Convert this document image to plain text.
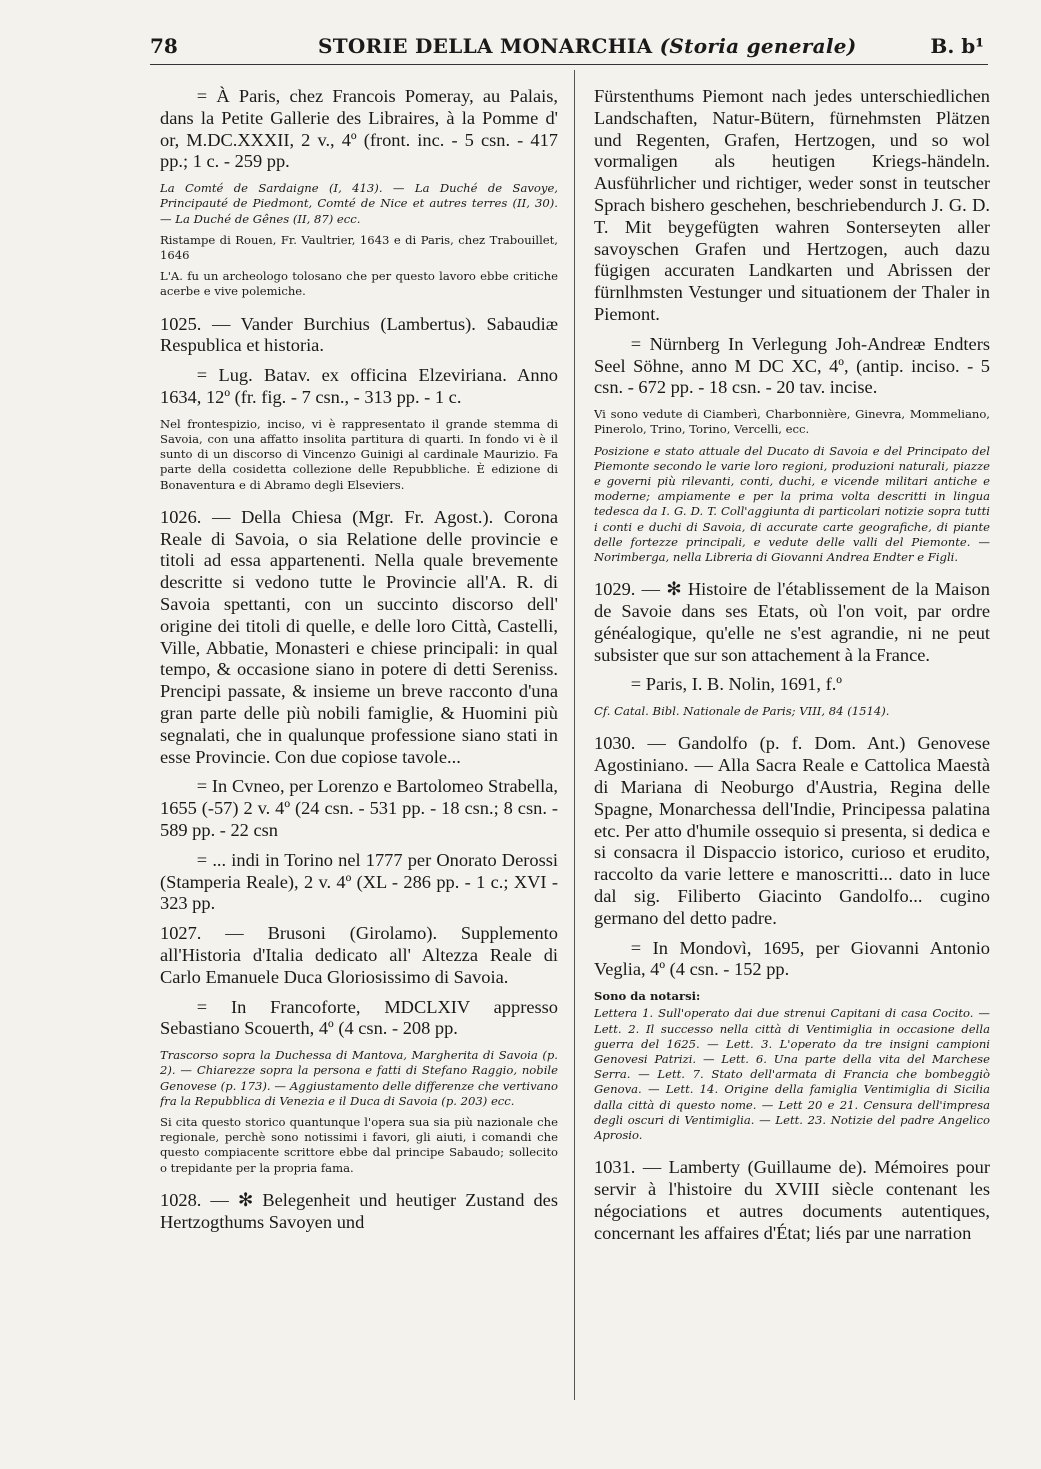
78	STORIE DELLA MONARCHIA (Storia generale)	B. b¹

= À Paris, chez Francois Pomeray, au Palais, dans la Petite Gallerie des Libraires, à la Pomme d' or, M.DC.XXXII, 2 v., 4º (front. inc. - 5 csn. - 417 pp.; 1 c. - 259 pp.

La Comté de Sardaigne (I, 413). — La Duché de Savoye, Principauté de Piedmont, Comté de Nice et autres terres (II, 30). — La Duché de Gênes (II, 87) ecc.

Ristampe di Rouen, Fr. Vaultrier, 1643 e di Paris, chez Trabouillet, 1646

L'A. fu un archeologo tolosano che per questo lavoro ebbe critiche acerbe e vive polemiche.

1025. — Vander Burchius (Lambertus). Sabaudiæ Respublica et historia.

= Lug. Batav. ex officina Elzeviriana. Anno 1634, 12º (fr. fig. - 7 csn., - 313 pp. - 1 c.

Nel frontespizio, inciso, vi è rappresentato il grande stemma di Savoia, con una affatto insolita partitura di quarti. In fondo vi è il sunto di un discorso di Vincenzo Guinigi al cardinale Maurizio. Fa parte della cosidetta collezione delle Repubbliche. È edizione di Bonaventura e di Abramo degli Elseviers.

1026. — Della Chiesa (Mgr. Fr. Agost.). Corona Reale di Savoia, o sia Relatione delle provincie e titoli ad essa appartenenti. Nella quale brevemente descritte si vedono tutte le Provincie all'A. R. di Savoia spettanti, con un succinto discorso dell' origine dei titoli di quelle, e delle loro Città, Castelli, Ville, Abbatie, Monasteri e chiese principali: in qual tempo, & occasione siano in potere di detti Sereniss. Prencipi passate, & insieme un breve racconto d'una gran parte delle più nobili famiglie, & Huomini più segnalati, che in qualunque professione siano stati in esse Provincie. Con due copiose tavole...

= In Cvneo, per Lorenzo e Bartolomeo Strabella, 1655 (-57) 2 v. 4º (24 csn. - 531 pp. - 18 csn.; 8 csn. - 589 pp. - 22 csn

= ... indi in Torino nel 1777 per Onorato Derossi (Stamperia Reale), 2 v. 4º (XL - 286 pp. - 1 c.; XVI - 323 pp.

1027. — Brusoni (Girolamo). Supplemento all'Historia d'Italia dedicato all' Altezza Reale di Carlo Emanuele Duca Gloriosissimo di Savoia.

= In Francoforte, MDCLXIV appresso Sebastiano Scouerth, 4º (4 csn. - 208 pp.

Trascorso sopra la Duchessa di Mantova, Margherita di Savoia (p. 2). — Chiarezze sopra la persona e fatti di Stefano Raggio, nobile Genovese (p. 173). — Aggiustamento delle differenze che vertivano fra la Repubblica di Venezia e il Duca di Savoia (p. 203) ecc.

Si cita questo storico quantunque l'opera sua sia più nazionale che regionale, perchè sono notissimi i favori, gli aiuti, i comandi che questo compiacente scrittore ebbe dal principe Sabaudo; sollecito o trepidante per la propria fama.

1028. — ✻ Belegenheit und heutiger Zustand des Hertzogthums Savoyen und

Fürstenthums Piemont nach jedes unterschiedlichen Landschaften, Natur-Bütern, fürnehmsten Plätzen und Regenten, Grafen, Hertzogen, und so wol vormaligen als heutigen Kriegs-händeln. Ausführlicher und richtiger, weder sonst in teutscher Sprach bishero geschehen, beschriebendurch J. G. D. T. Mit beygefügten wahren Sonterseyten aller savoyschen Grafen und Hertzogen, auch dazu fügigen accuraten Landkarten und Abrissen der fürnlhmsten Vestunger und situationem der Thaler in Piemont.

= Nürnberg In Verlegung Joh-Andreæ Endters Seel Söhne, anno M DC XC, 4º, (antip. inciso. - 5 csn. - 672 pp. - 18 csn. - 20 tav. incise.

Vi sono vedute di Ciamberì, Charbonnière, Ginevra, Mommeliano, Pinerolo, Trino, Torino, Vercelli, ecc.

Posizione e stato attuale del Ducato di Savoia e del Principato del Piemonte secondo le varie loro regioni, produzioni naturali, piazze e governi più rilevanti, conti, duchi, e vicende militari antiche e moderne; ampiamente e per la prima volta descritti in lingua tedesca da I. G. D. T. Coll'aggiunta di particolari notizie sopra tutti i conti e duchi di Savoia, di accurate carte geografiche, di piante delle fortezze principali, e vedute delle valli del Piemonte. — Norimberga, nella Libreria di Giovanni Andrea Endter e Figli.

1029. — ✻ Histoire de l'établissement de la Maison de Savoie dans ses Etats, où l'on voit, par ordre généalogique, qu'elle ne s'est agrandie, ni ne peut subsister que sur son attachement à la France.

= Paris, I. B. Nolin, 1691, f.º

Cf. Catal. Bibl. Nationale de Paris; VIII, 84 (1514).

1030. — Gandolfo (p. f. Dom. Ant.) Genovese Agostiniano. — Alla Sacra Reale e Cattolica Maestà di Mariana di Neoburgo d'Austria, Regina delle Spagne, Monarchessa dell'Indie, Principessa palatina etc. Per atto d'humile ossequio si presenta, si dedica e si consacra il Dispaccio istorico, curioso et erudito, raccolto da varie lettere e manoscritti... dato in luce dal sig. Filiberto Giacinto Gandolfo... cugino germano del detto padre.

= In Mondovì, 1695, per Giovanni Antonio Veglia, 4º (4 csn. - 152 pp.

Sono da notarsi:

Lettera 1. Sull'operato dai due strenui Capitani di casa Cocito. — Lett. 2. Il successo nella città di Ventimiglia in occasione della guerra del 1625. — Lett. 3. L'operato da tre insigni campioni Genovesi Patrizi. — Lett. 6. Una parte della vita del Marchese Serra. — Lett. 7. Stato dell'armata di Francia che bombeggiò Genova. — Lett. 14. Origine della famiglia Ventimiglia di Sicilia dalla città di questo nome. — Lett 20 e 21. Censura dell'impresa degli oscuri di Ventimiglia. — Lett. 23. Notizie del padre Angelico Aprosio.

1031. — Lamberty (Guillaume de). Mémoires pour servir à l'histoire du XVIII siècle contenant les négociations et autres documents autentiques, concernant les affaires d'État; liés par une narration
